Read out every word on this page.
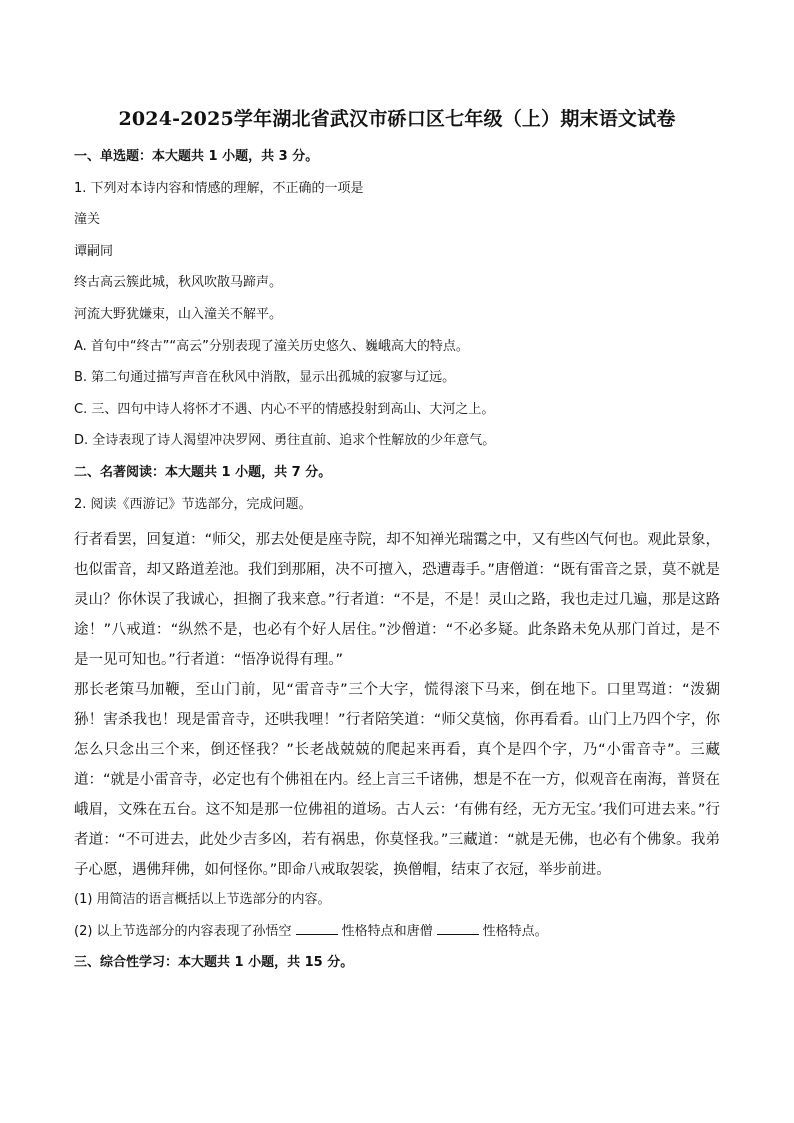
2024-2025学年湖北省武汉市硚口区七年级（上）期末语文试卷

一、单选题：本大题共 1 小题，共 3 分。

1. 下列对本诗内容和情感的理解，不正确的一项是

潼关

谭嗣同

终古高云簇此城，秋风吹散马蹄声。

河流大野犹嫌束，山入潼关不解平。

A. 首句中“终古”“高云”分别表现了潼关历史悠久、巍峨高大的特点。

B. 第二句通过描写声音在秋风中消散，显示出孤城的寂寥与辽远。

C. 三、四句中诗人将怀才不遇、内心不平的情感投射到高山、大河之上。

D. 全诗表现了诗人渴望冲决罗网、勇往直前、追求个性解放的少年意气。

二、名著阅读：本大题共 1 小题，共 7 分。

2. 阅读《西游记》节选部分，完成问题。

行者看罢，回复道：“师父，那去处便是座寺院，却不知禅光瑞霭之中，又有些凶气何也。观此景象，也似雷音，却又路道差池。我们到那厢，决不可擅入，恐遭毒手。”唐僧道：“既有雷音之景，莫不就是灵山？你休误了我诚心，担搁了我来意。”行者道：“不是，不是！灵山之路，我也走过几遍，那是这路途！”八戒道：“纵然不是，也必有个好人居住。”沙僧道：“不必多疑。此条路未免从那门首过，是不是一见可知也。”行者道：“悟净说得有理。”

那长老策马加鞭，至山门前，见“雷音寺”三个大字，慌得滚下马来，倒在地下。口里骂道：“泼猢狲！害杀我也！现是雷音寺，还哄我哩！”行者陪笑道：“师父莫恼，你再看看。山门上乃四个字，你怎么只念出三个来，倒还怪我？”长老战兢兢的爬起来再看，真个是四个字，乃“小雷音寺”。三藏道：“就是小雷音寺，必定也有个佛祖在内。经上言三千诸佛，想是不在一方，似观音在南海，普贤在峨眉，文殊在五台。这不知是那一位佛祖的道场。古人云：‘有佛有经，无方无宝。’我们可进去来。”行者道：“不可进去，此处少吉多凶，若有祸患，你莫怪我。”三藏道：“就是无佛，也必有个佛象。我弟子心愿，遇佛拜佛，如何怪你。”即命八戒取袈裟，换僧帽，结束了衣冠，举步前进。

(1) 用简洁的语言概括以上节选部分的内容。

(2) 以上节选部分的内容表现了孙悟空	性格特点和唐僧	性格特点。

三、综合性学习：本大题共 1 小题，共 15 分。
